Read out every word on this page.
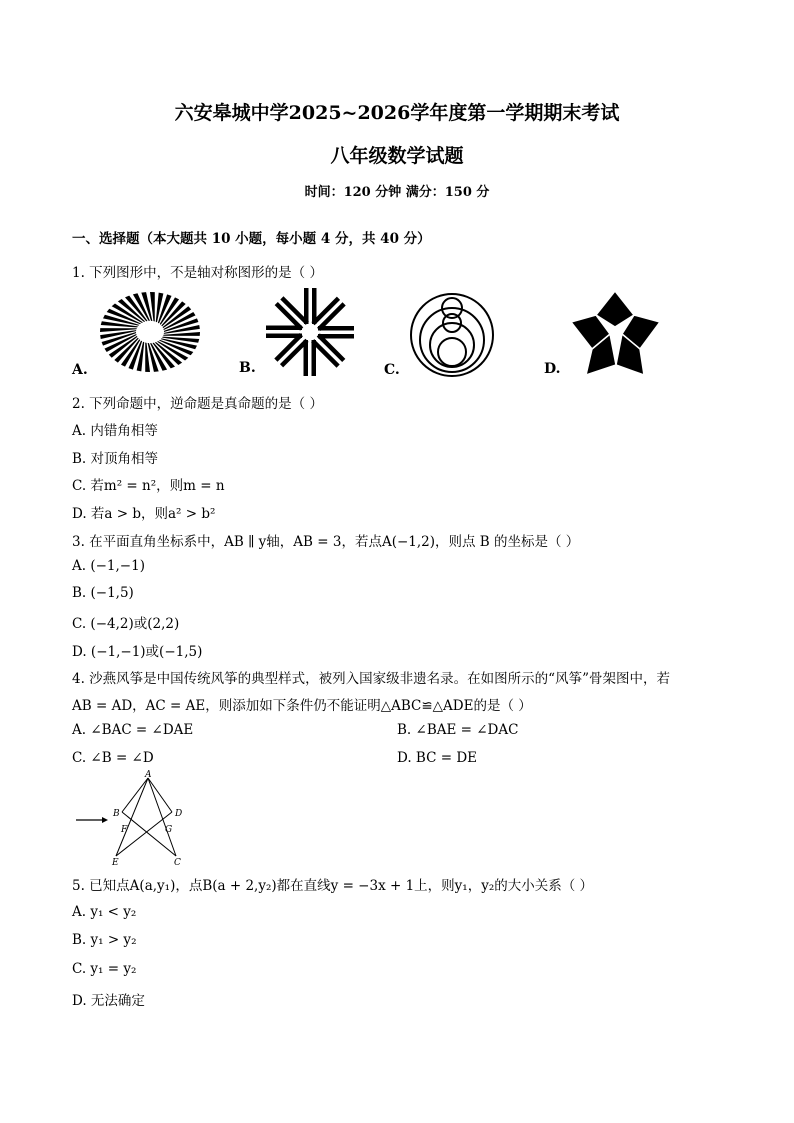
六安皋城中学2025~2026学年度第一学期期末考试
八年级数学试题
时间：120 分钟 满分：150 分
一、选择题（本大题共 10 小题，每小题 4 分，共 40 分）
1. 下列图形中，不是轴对称图形的是（ ）
A.	B.	C.	D.
2. 下列命题中，逆命题是真命题的是（ ）
A. 内错角相等
B. 对顶角相等
C. 若m² = n²，则m = n
D. 若a > b，则a² > b²
3. 在平面直角坐标系中，AB ∥ y轴，AB = 3，若点A(−1,2)，则点 B 的坐标是（ ）
A. (−1,−1)
B. (−1,5)
C. (−4,2)或(2,2)
D. (−1,−1)或(−1,5)
4. 沙燕风筝是中国传统风筝的典型样式，被列入国家级非遗名录。在如图所示的“风筝”骨架图中，若
AB = AD，AC = AE，则添加如下条件仍不能证明△ABC≌△ADE的是（ ）
A. ∠BAC = ∠DAE	B. ∠BAE = ∠DAC
C. ∠B = ∠D	D. BC = DE
A
B	D
F	G
E	C
5. 已知点A(a,y₁)，点B(a + 2,y₂)都在直线y = −3x + 1上，则y₁，y₂的大小关系（ ）
A. y₁ < y₂
B. y₁ > y₂
C. y₁ = y₂
D. 无法确定
